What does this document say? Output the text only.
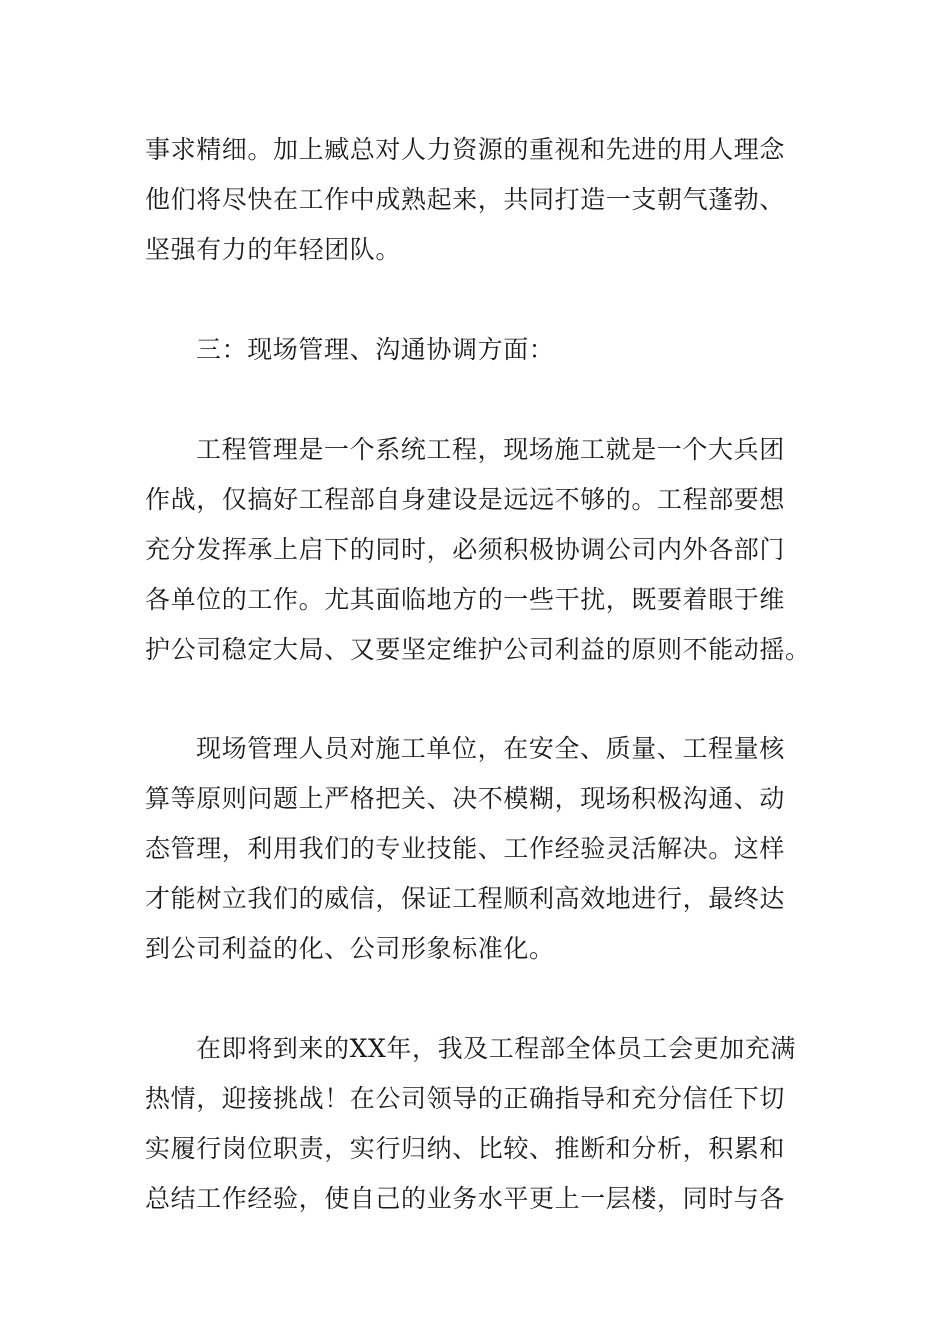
事求精细。加上臧总对人力资源的重视和先进的用人理念
他们将尽快在工作中成熟起来，共同打造一支朝气蓬勃、
坚强有力的年轻团队。
三：现场管理、沟通协调方面：
工程管理是一个系统工程，现场施工就是一个大兵团
作战，仅搞好工程部自身建设是远远不够的。工程部要想
充分发挥承上启下的同时，必须积极协调公司内外各部门
各单位的工作。尤其面临地方的一些干扰，既要着眼于维
护公司稳定大局、又要坚定维护公司利益的原则不能动摇。
现场管理人员对施工单位，在安全、质量、工程量核
算等原则问题上严格把关、决不模糊，现场积极沟通、动
态管理，利用我们的专业技能、工作经验灵活解决。这样
才能树立我们的威信，保证工程顺利高效地进行，最终达
到公司利益的化、公司形象标准化。
在即将到来的XX年，我及工程部全体员工会更加充满
热情，迎接挑战！在公司领导的正确指导和充分信任下切
实履行岗位职责，实行归纳、比较、推断和分析，积累和
总结工作经验，使自己的业务水平更上一层楼，同时与各
